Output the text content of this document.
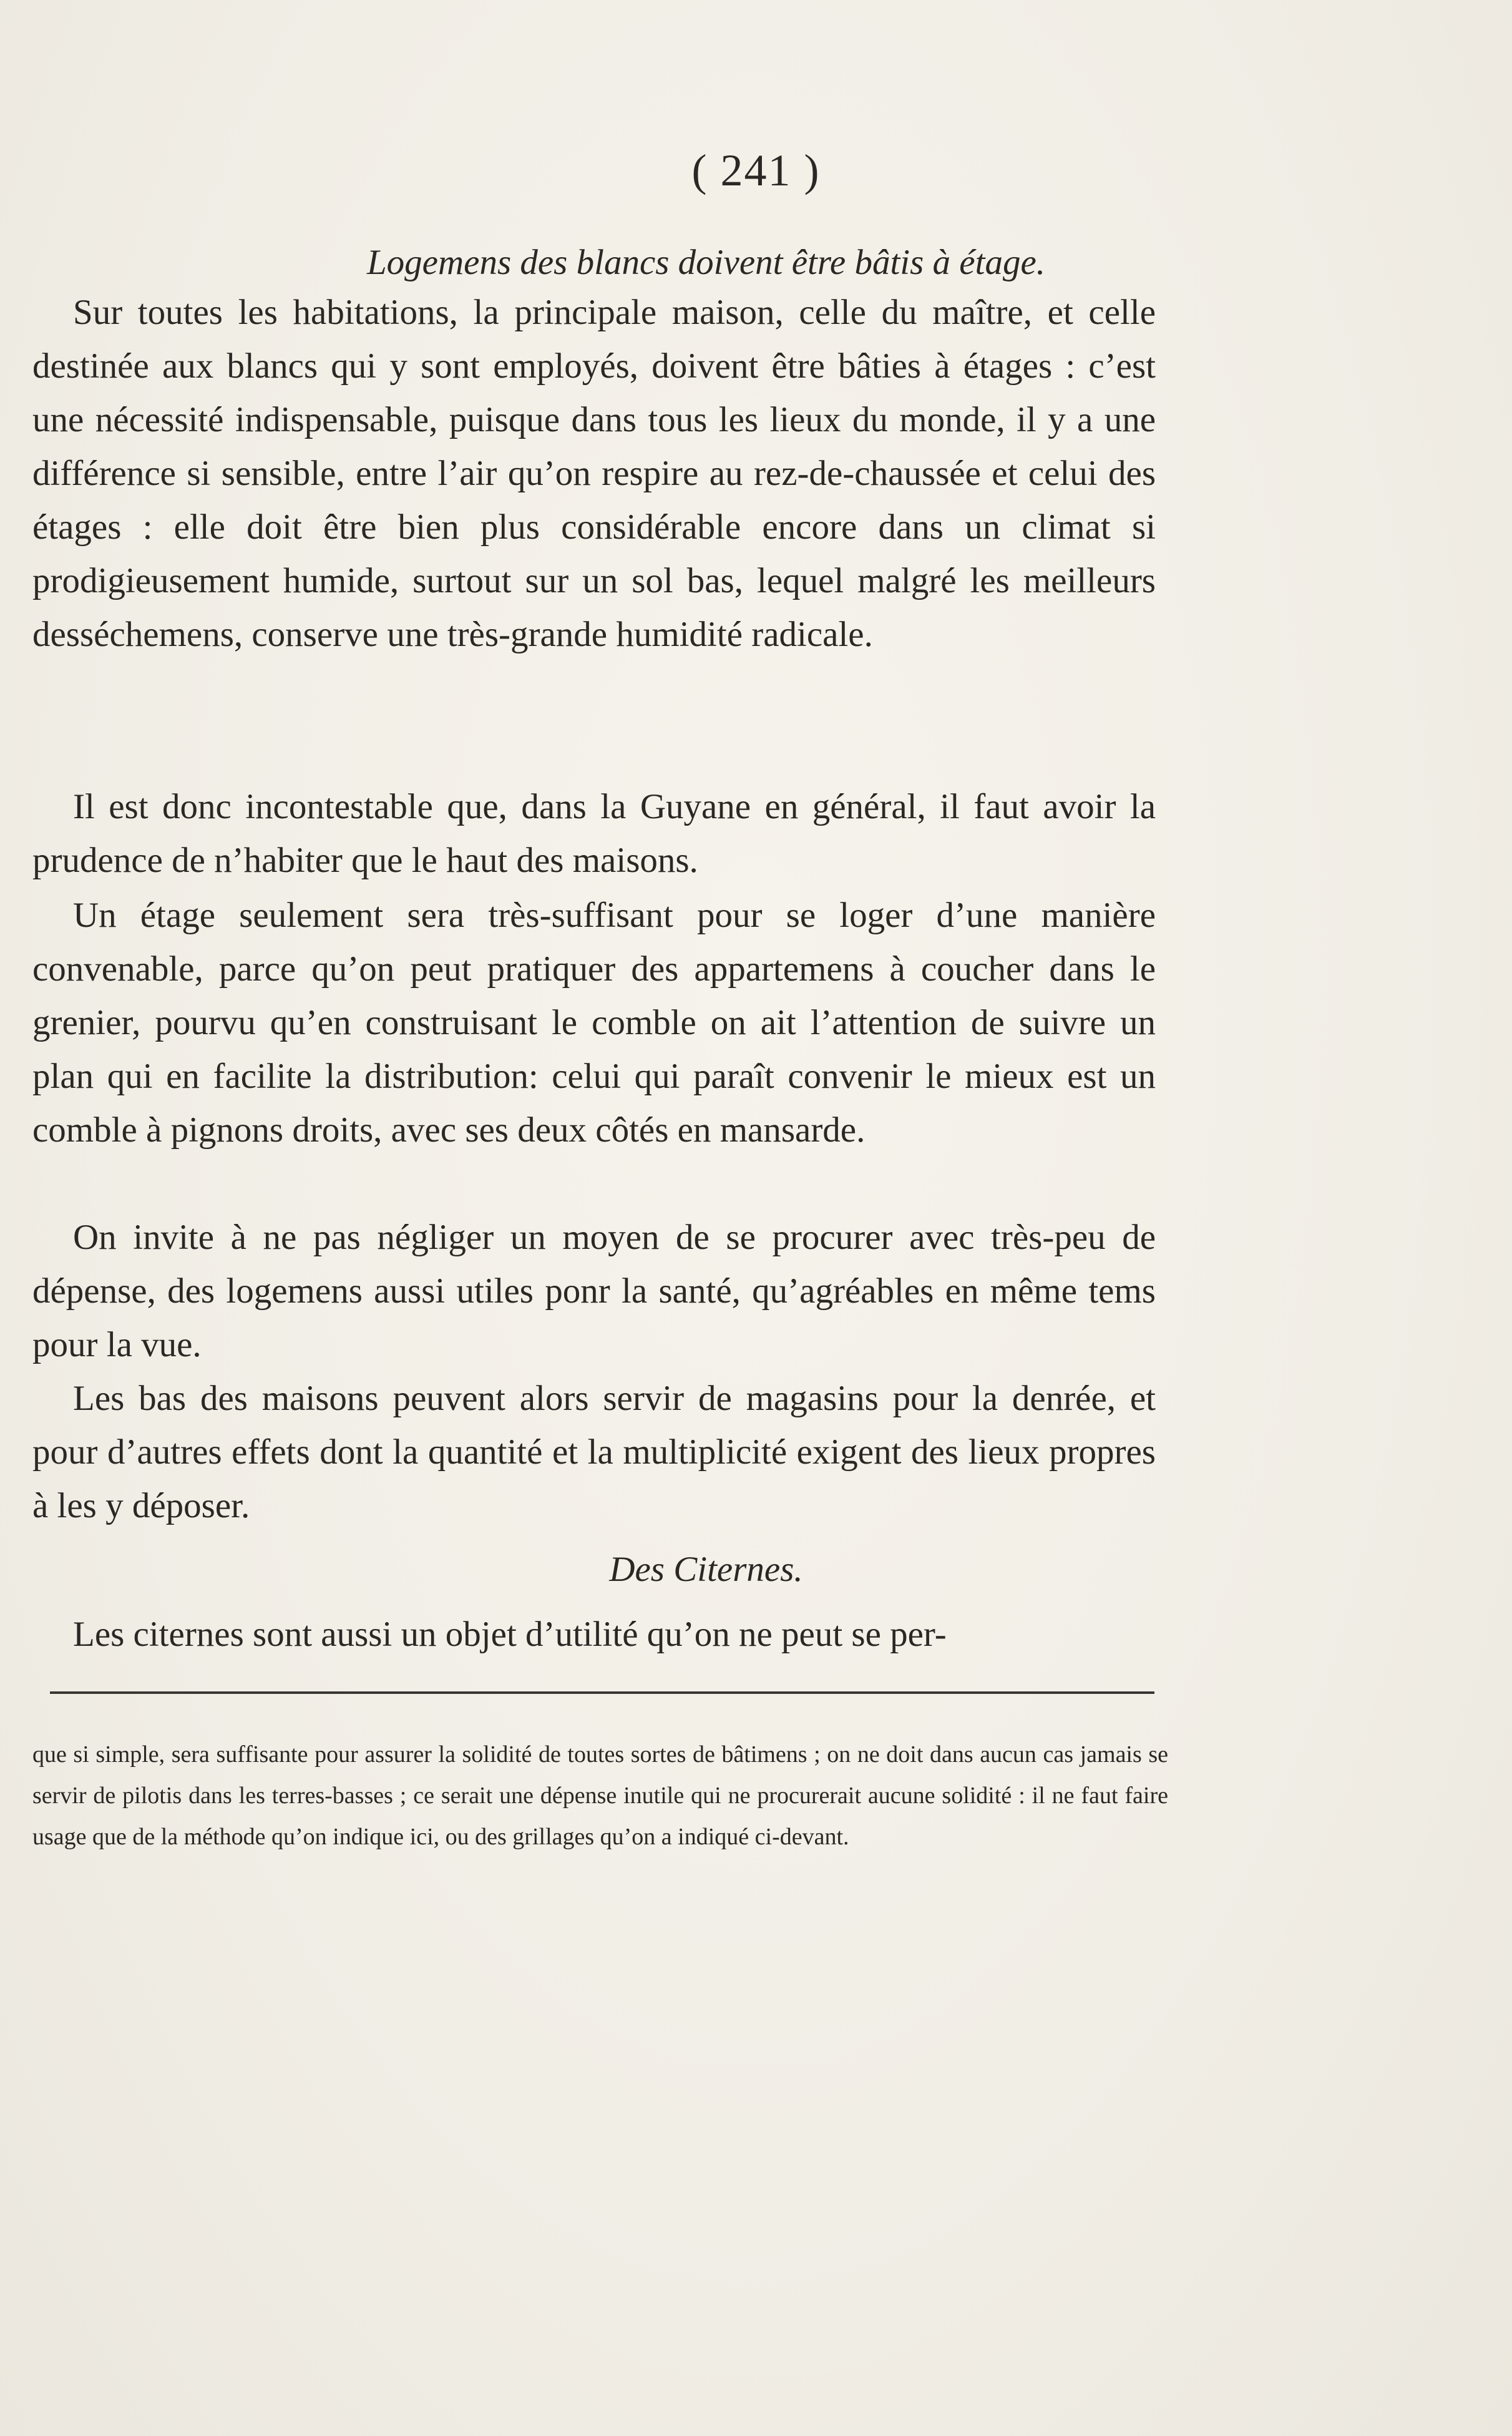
( 241 )
Logemens des blancs doivent être bâtis à étage.

Sur toutes les habitations, la principale maison, celle du maître, et celle destinée aux blancs qui y sont employés, doivent être bâties à étages : c’est une nécessité indispensable, puisque dans tous les lieux du monde, il y a une différence si sensible, entre l’air qu’on respire au rez-de-chaussée et celui des étages : elle doit être bien plus considérable encore dans un climat si prodigieusement humide, surtout sur un sol bas, lequel malgré les meilleurs desséchemens, conserve une très-grande humidité radicale.

Il est donc incontestable que, dans la Guyane en général, il faut avoir la prudence de n’habiter que le haut des maisons.

Un étage seulement sera très-suffisant pour se loger d’une manière convenable, parce qu’on peut pratiquer des appartemens à coucher dans le grenier, pourvu qu’en construisant le comble on ait l’attention de suivre un plan qui en facilite la distribution: celui qui paraît convenir le mieux est un comble à pignons droits, avec ses deux côtés en mansarde.

On invite à ne pas négliger un moyen de se procurer avec très-peu de dépense, des logemens aussi utiles ponr la santé, qu’agréables en même tems pour la vue.

Les bas des maisons peuvent alors servir de magasins pour la denrée, et pour d’autres effets dont la quantité et la multiplicité exigent des lieux propres à les y déposer.

Des Citernes.

Les citernes sont aussi un objet d’utilité qu’on ne peut se per-

que si simple, sera suffisante pour assurer la solidité de toutes sortes de bâtimens ; on ne doit dans aucun cas jamais se servir de pilotis dans les terres-basses ; ce serait une dépense inutile qui ne procurerait aucune solidité : il ne faut faire usage que de la méthode qu’on indique ici, ou des grillages qu’on a indiqué ci-devant.
